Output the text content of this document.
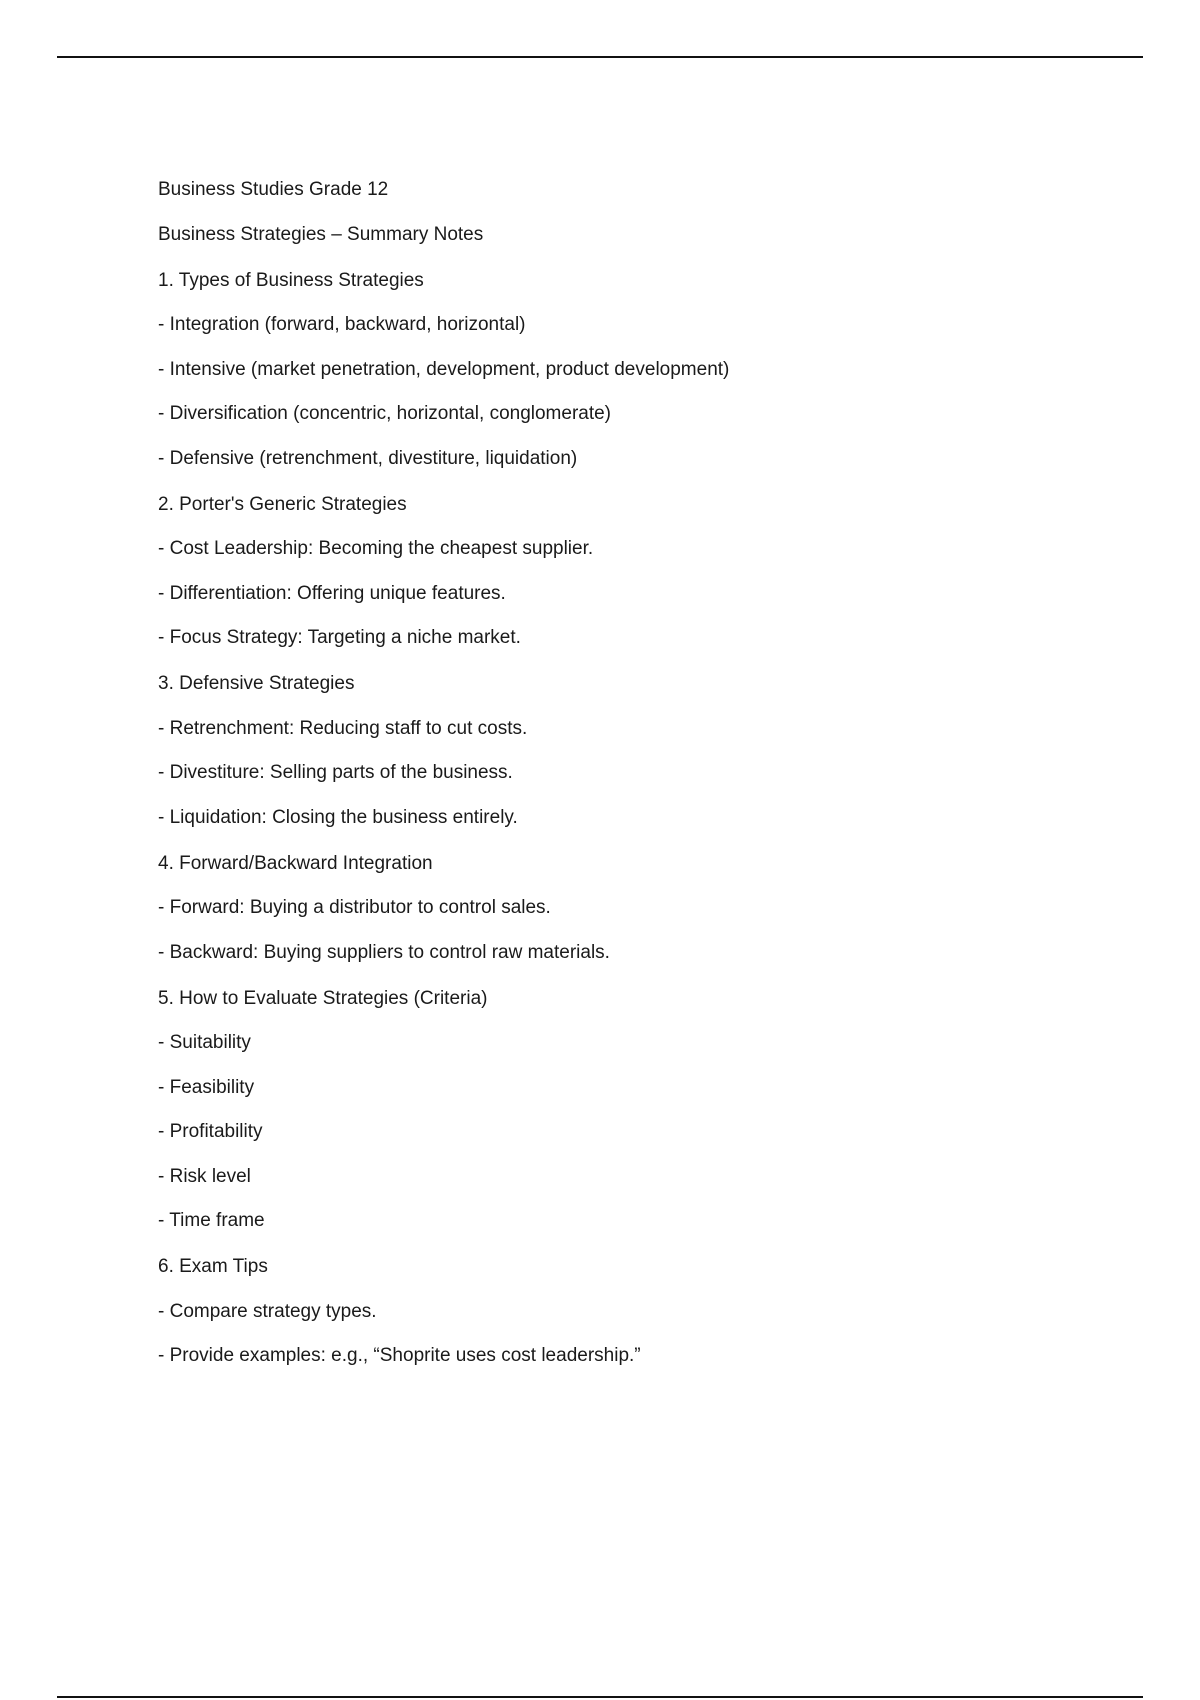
Business Studies Grade 12
Business Strategies – Summary Notes
1. Types of Business Strategies
- Integration (forward, backward, horizontal)
- Intensive (market penetration, development, product development)
- Diversification (concentric, horizontal, conglomerate)
- Defensive (retrenchment, divestiture, liquidation)
2. Porter's Generic Strategies
- Cost Leadership: Becoming the cheapest supplier.
- Differentiation: Offering unique features.
- Focus Strategy: Targeting a niche market.
3. Defensive Strategies
- Retrenchment: Reducing staff to cut costs.
- Divestiture: Selling parts of the business.
- Liquidation: Closing the business entirely.
4. Forward/Backward Integration
- Forward: Buying a distributor to control sales.
- Backward: Buying suppliers to control raw materials.
5. How to Evaluate Strategies (Criteria)
- Suitability
- Feasibility
- Profitability
- Risk level
- Time frame
6. Exam Tips
- Compare strategy types.
- Provide examples: e.g., “Shoprite uses cost leadership.”
